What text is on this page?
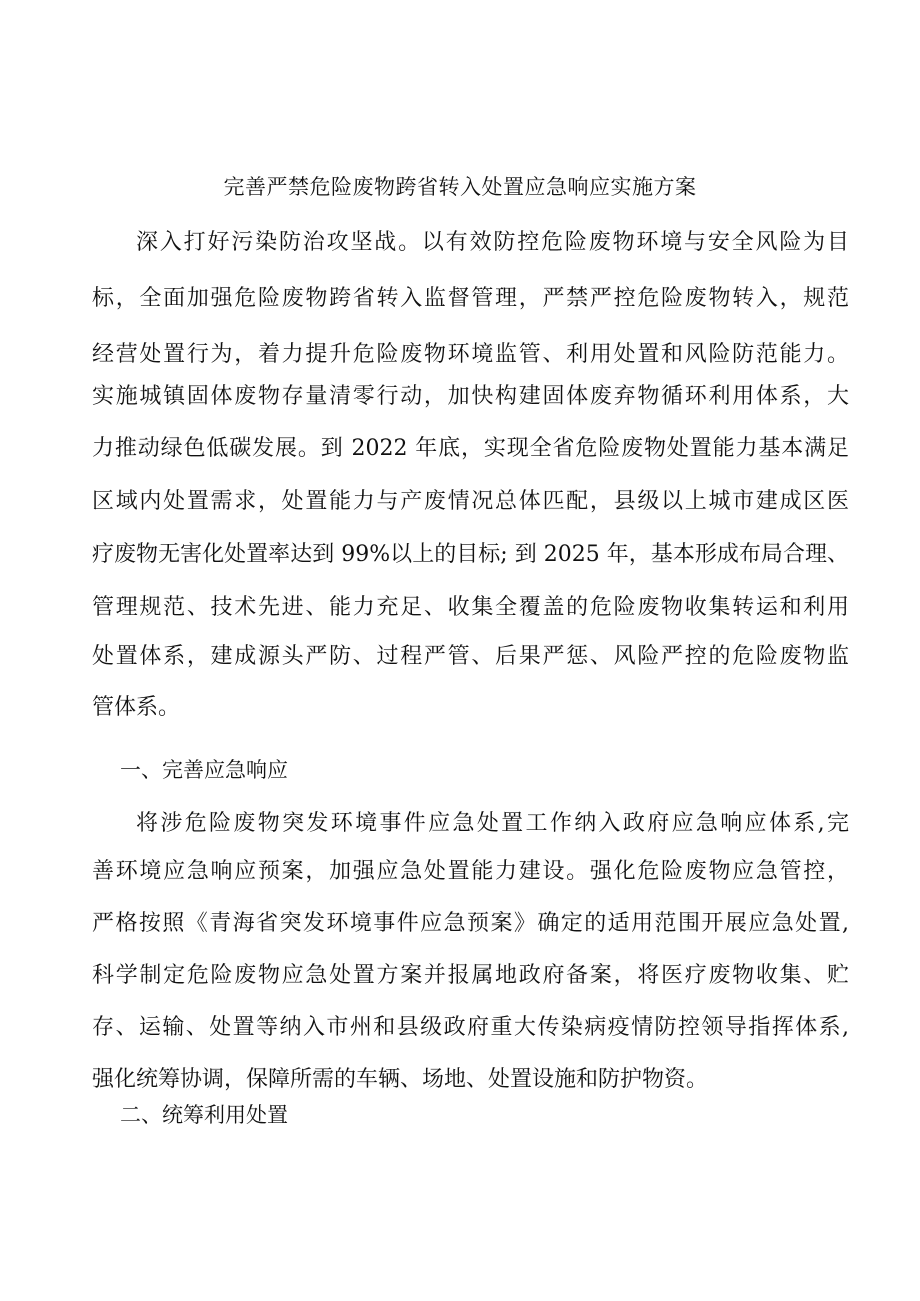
完善严禁危险废物跨省转入处置应急响应实施方案
深入打好污染防治攻坚战。以有效防控危险废物环境与安全风险为目
标，全面加强危险废物跨省转入监督管理，严禁严控危险废物转入，规范
经营处置行为，着力提升危险废物环境监管、利用处置和风险防范能力。
实施城镇固体废物存量清零行动，加快构建固体废弃物循环利用体系，大
力推动绿色低碳发展。到 2022 年底，实现全省危险废物处置能力基本满足
区域内处置需求，处置能力与产废情况总体匹配，县级以上城市建成区医
疗废物无害化处置率达到 99%以上的目标; 到 2025 年，基本形成布局合理、
管理规范、技术先进、能力充足、收集全覆盖的危险废物收集转运和利用
处置体系，建成源头严防、过程严管、后果严惩、风险严控的危险废物监
管体系。
一、完善应急响应
将涉危险废物突发环境事件应急处置工作纳入政府应急响应体系,完
善环境应急响应预案，加强应急处置能力建设。强化危险废物应急管控，
严格按照《青海省突发环境事件应急预案》确定的适用范围开展应急处置,
科学制定危险废物应急处置方案并报属地政府备案，将医疗废物收集、贮
存、运输、处置等纳入市州和县级政府重大传染病疫情防控领导指挥体系,
强化统筹协调，保障所需的车辆、场地、处置设施和防护物资。
二、统筹利用处置
